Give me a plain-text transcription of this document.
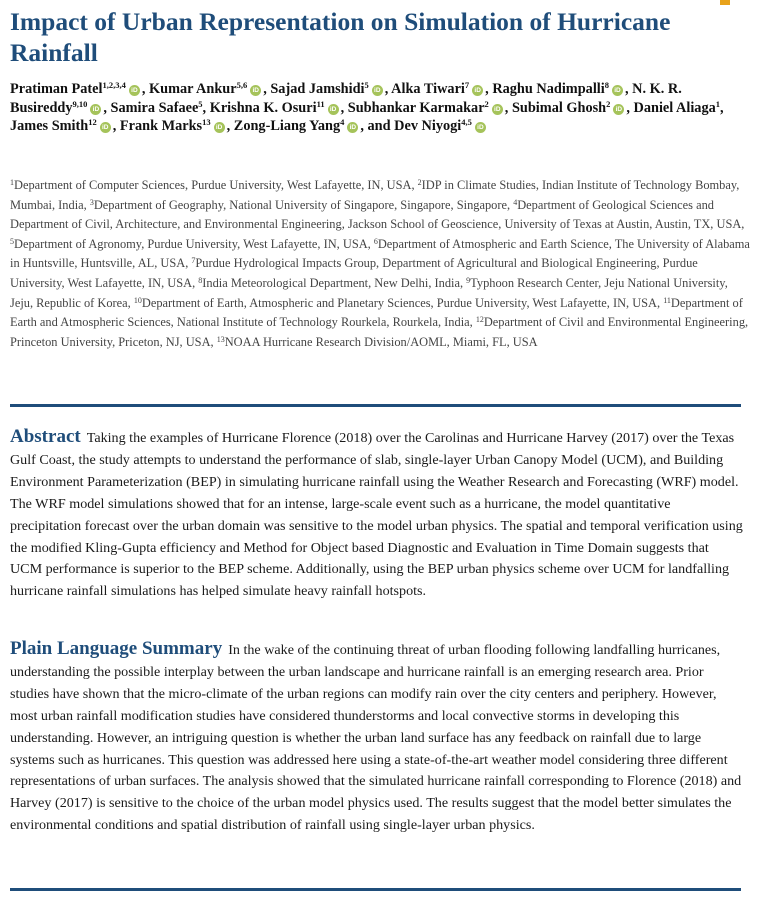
Impact of Urban Representation on Simulation of Hurricane Rainfall

Pratiman Patel$^{1,2,3,4}$iD , Kumar Ankur$^{5,6}$iD , Sajad Jamshidi$^5$iD , Alka Tiwari$^7$iD , Raghu Nadimpalli$^8$iD , N. K. R. Busireddy$^{9,10}$iD , Samira Safaee$^5$, Krishna K. Osuri$^{11}$iD , Subhankar Karmakar$^2$iD , Subimal Ghosh$^2$iD , Daniel Aliaga$^1$, James Smith$^{12}$iD , Frank Marks$^{13}$iD , Zong-Liang Yang$^4$iD , and Dev Niyogi$^{4,5}$iD

$^1$Department of Computer Sciences, Purdue University, West Lafayette, IN, USA, $^2$IDP in Climate Studies, Indian Institute of Technology Bombay, Mumbai, India, $^3$Department of Geography, National University of Singapore, Singapore, Singapore, $^4$Department of Geological Sciences and Department of Civil, Architecture, and Environmental Engineering, Jackson School of Geoscience, University of Texas at Austin, Austin, TX, USA, $^5$Department of Agronomy, Purdue University, West Lafayette, IN, USA, $^6$Department of Atmospheric and Earth Science, The University of Alabama in Huntsville, Huntsville, AL, USA, $^7$Purdue Hydrological Impacts Group, Department of Agricultural and Biological Engineering, Purdue University, West Lafayette, IN, USA, $^8$India Meteorological Department, New Delhi, India, $^9$Typhoon Research Center, Jeju National University, Jeju, Republic of Korea, $^{10}$Department of Earth, Atmospheric and Planetary Sciences, Purdue University, West Lafayette, IN, USA, $^{11}$Department of Earth and Atmospheric Sciences, National Institute of Technology Rourkela, Rourkela, India, $^{12}$Department of Civil and Environmental Engineering, Princeton University, Priceton, NJ, USA, $^{13}$NOAA Hurricane Research Division/AOML, Miami, FL, USA

Abstract Taking the examples of Hurricane Florence (2018) over the Carolinas and Hurricane Harvey (2017) over the Texas Gulf Coast, the study attempts to understand the performance of slab, single-layer Urban Canopy Model (UCM), and Building Environment Parameterization (BEP) in simulating hurricane rainfall using the Weather Research and Forecasting (WRF) model. The WRF model simulations showed that for an intense, large-scale event such as a hurricane, the model quantitative precipitation forecast over the urban domain was sensitive to the model urban physics. The spatial and temporal verification using the modified Kling-Gupta efficiency and Method for Object based Diagnostic and Evaluation in Time Domain suggests that UCM performance is superior to the BEP scheme. Additionally, using the BEP urban physics scheme over UCM for landfalling hurricane rainfall simulations has helped simulate heavy rainfall hotspots.

Plain Language Summary In the wake of the continuing threat of urban flooding following landfalling hurricanes, understanding the possible interplay between the urban landscape and hurricane rainfall is an emerging research area. Prior studies have shown that the micro-climate of the urban regions can modify rain over the city centers and periphery. However, most urban rainfall modification studies have considered thunderstorms and local convective storms in developing this understanding. However, an intriguing question is whether the urban land surface has any feedback on rainfall due to large systems such as hurricanes. This question was addressed here using a state-of-the-art weather model considering three different representations of urban surfaces. The analysis showed that the simulated hurricane rainfall corresponding to Florence (2018) and Harvey (2017) is sensitive to the choice of the urban model physics used. The results suggest that the model better simulates the environmental conditions and spatial distribution of rainfall using single-layer urban physics.
